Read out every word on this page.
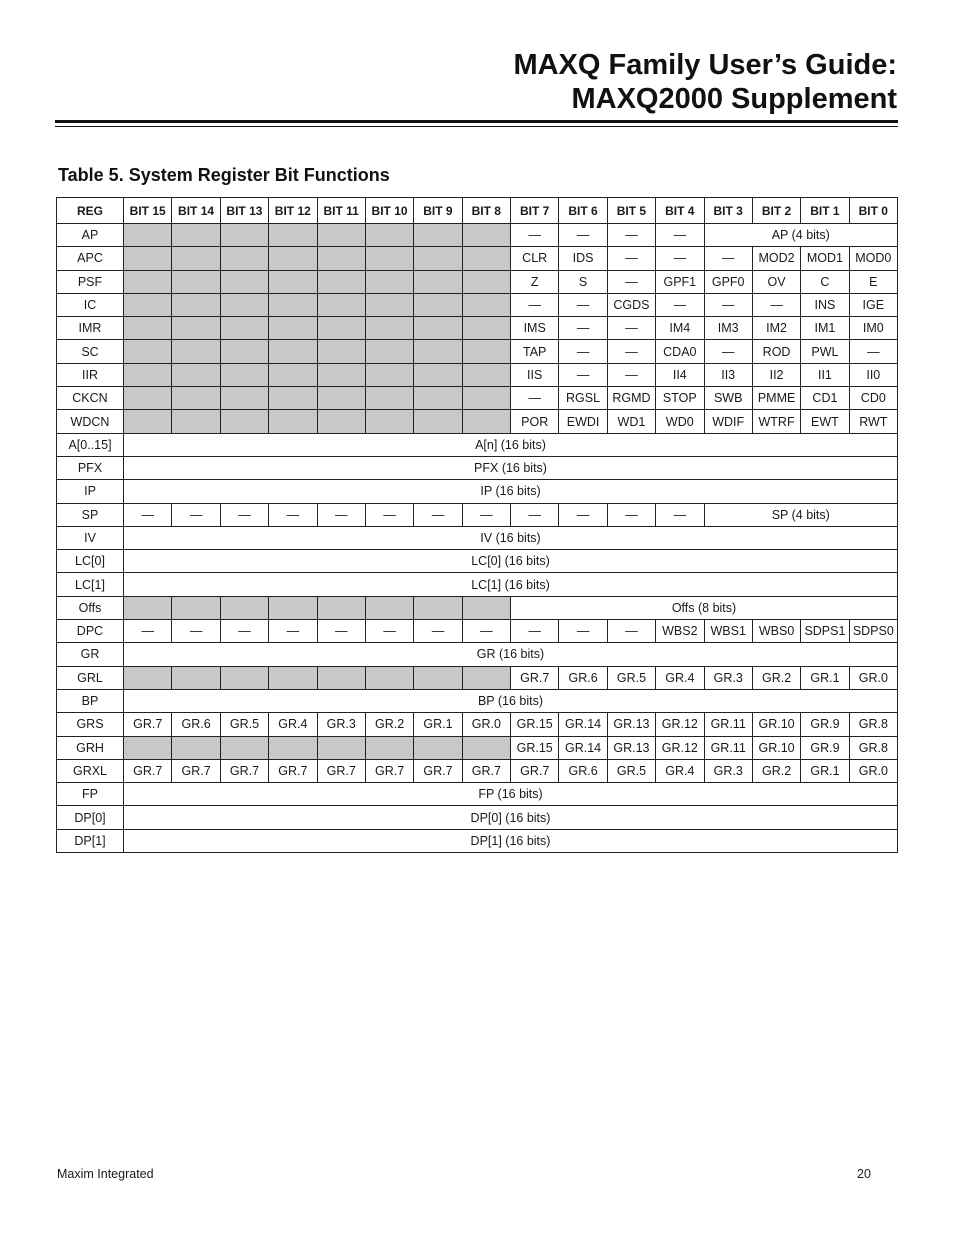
MAXQ Family User’s Guide:
MAXQ2000 Supplement
Table 5. System Register Bit Functions
REG	BIT 15	BIT 14	BIT 13	BIT 12	BIT 11	BIT 10	BIT 9	BIT 8	BIT 7	BIT 6	BIT 5	BIT 4	BIT 3	BIT 2	BIT 1	BIT 0
AP									—	—	—	—	AP (4 bits)			
APC									CLR	IDS	—	—	—	MOD2	MOD1	MOD0
PSF									Z	S	—	GPF1	GPF0	OV	C	E
IC									—	—	CGDS	—	—	—	INS	IGE
IMR									IMS	—	—	IM4	IM3	IM2	IM1	IM0
SC									TAP	—	—	CDA0	—	ROD	PWL	—
IIR									IIS	—	—	II4	II3	II2	II1	II0
CKCN									—	RGSL	RGMD	STOP	SWB	PMME	CD1	CD0
WDCN									POR	EWDI	WD1	WD0	WDIF	WTRF	EWT	RWT
A[0..15]	A[n] (16 bits)															
PFX	PFX (16 bits)															
IP	IP (16 bits)															
SP	—	—	—	—	—	—	—	—	—	—	—	—	SP (4 bits)			
IV	IV (16 bits)															
LC[0]	LC[0] (16 bits)															
LC[1]	LC[1] (16 bits)															
Offs									Offs (8 bits)							
DPC	—	—	—	—	—	—	—	—	—	—	—	WBS2	WBS1	WBS0	SDPS1	SDPS0
GR	GR (16 bits)															
GRL									GR.7	GR.6	GR.5	GR.4	GR.3	GR.2	GR.1	GR.0
BP	BP (16 bits)															
GRS	GR.7	GR.6	GR.5	GR.4	GR.3	GR.2	GR.1	GR.0	GR.15	GR.14	GR.13	GR.12	GR.11	GR.10	GR.9	GR.8
GRH									GR.15	GR.14	GR.13	GR.12	GR.11	GR.10	GR.9	GR.8
GRXL	GR.7	GR.7	GR.7	GR.7	GR.7	GR.7	GR.7	GR.7	GR.7	GR.6	GR.5	GR.4	GR.3	GR.2	GR.1	GR.0
FP	FP (16 bits)															
DP[0]	DP[0] (16 bits)															
DP[1]	DP[1] (16 bits)															
Maxim Integrated	20
